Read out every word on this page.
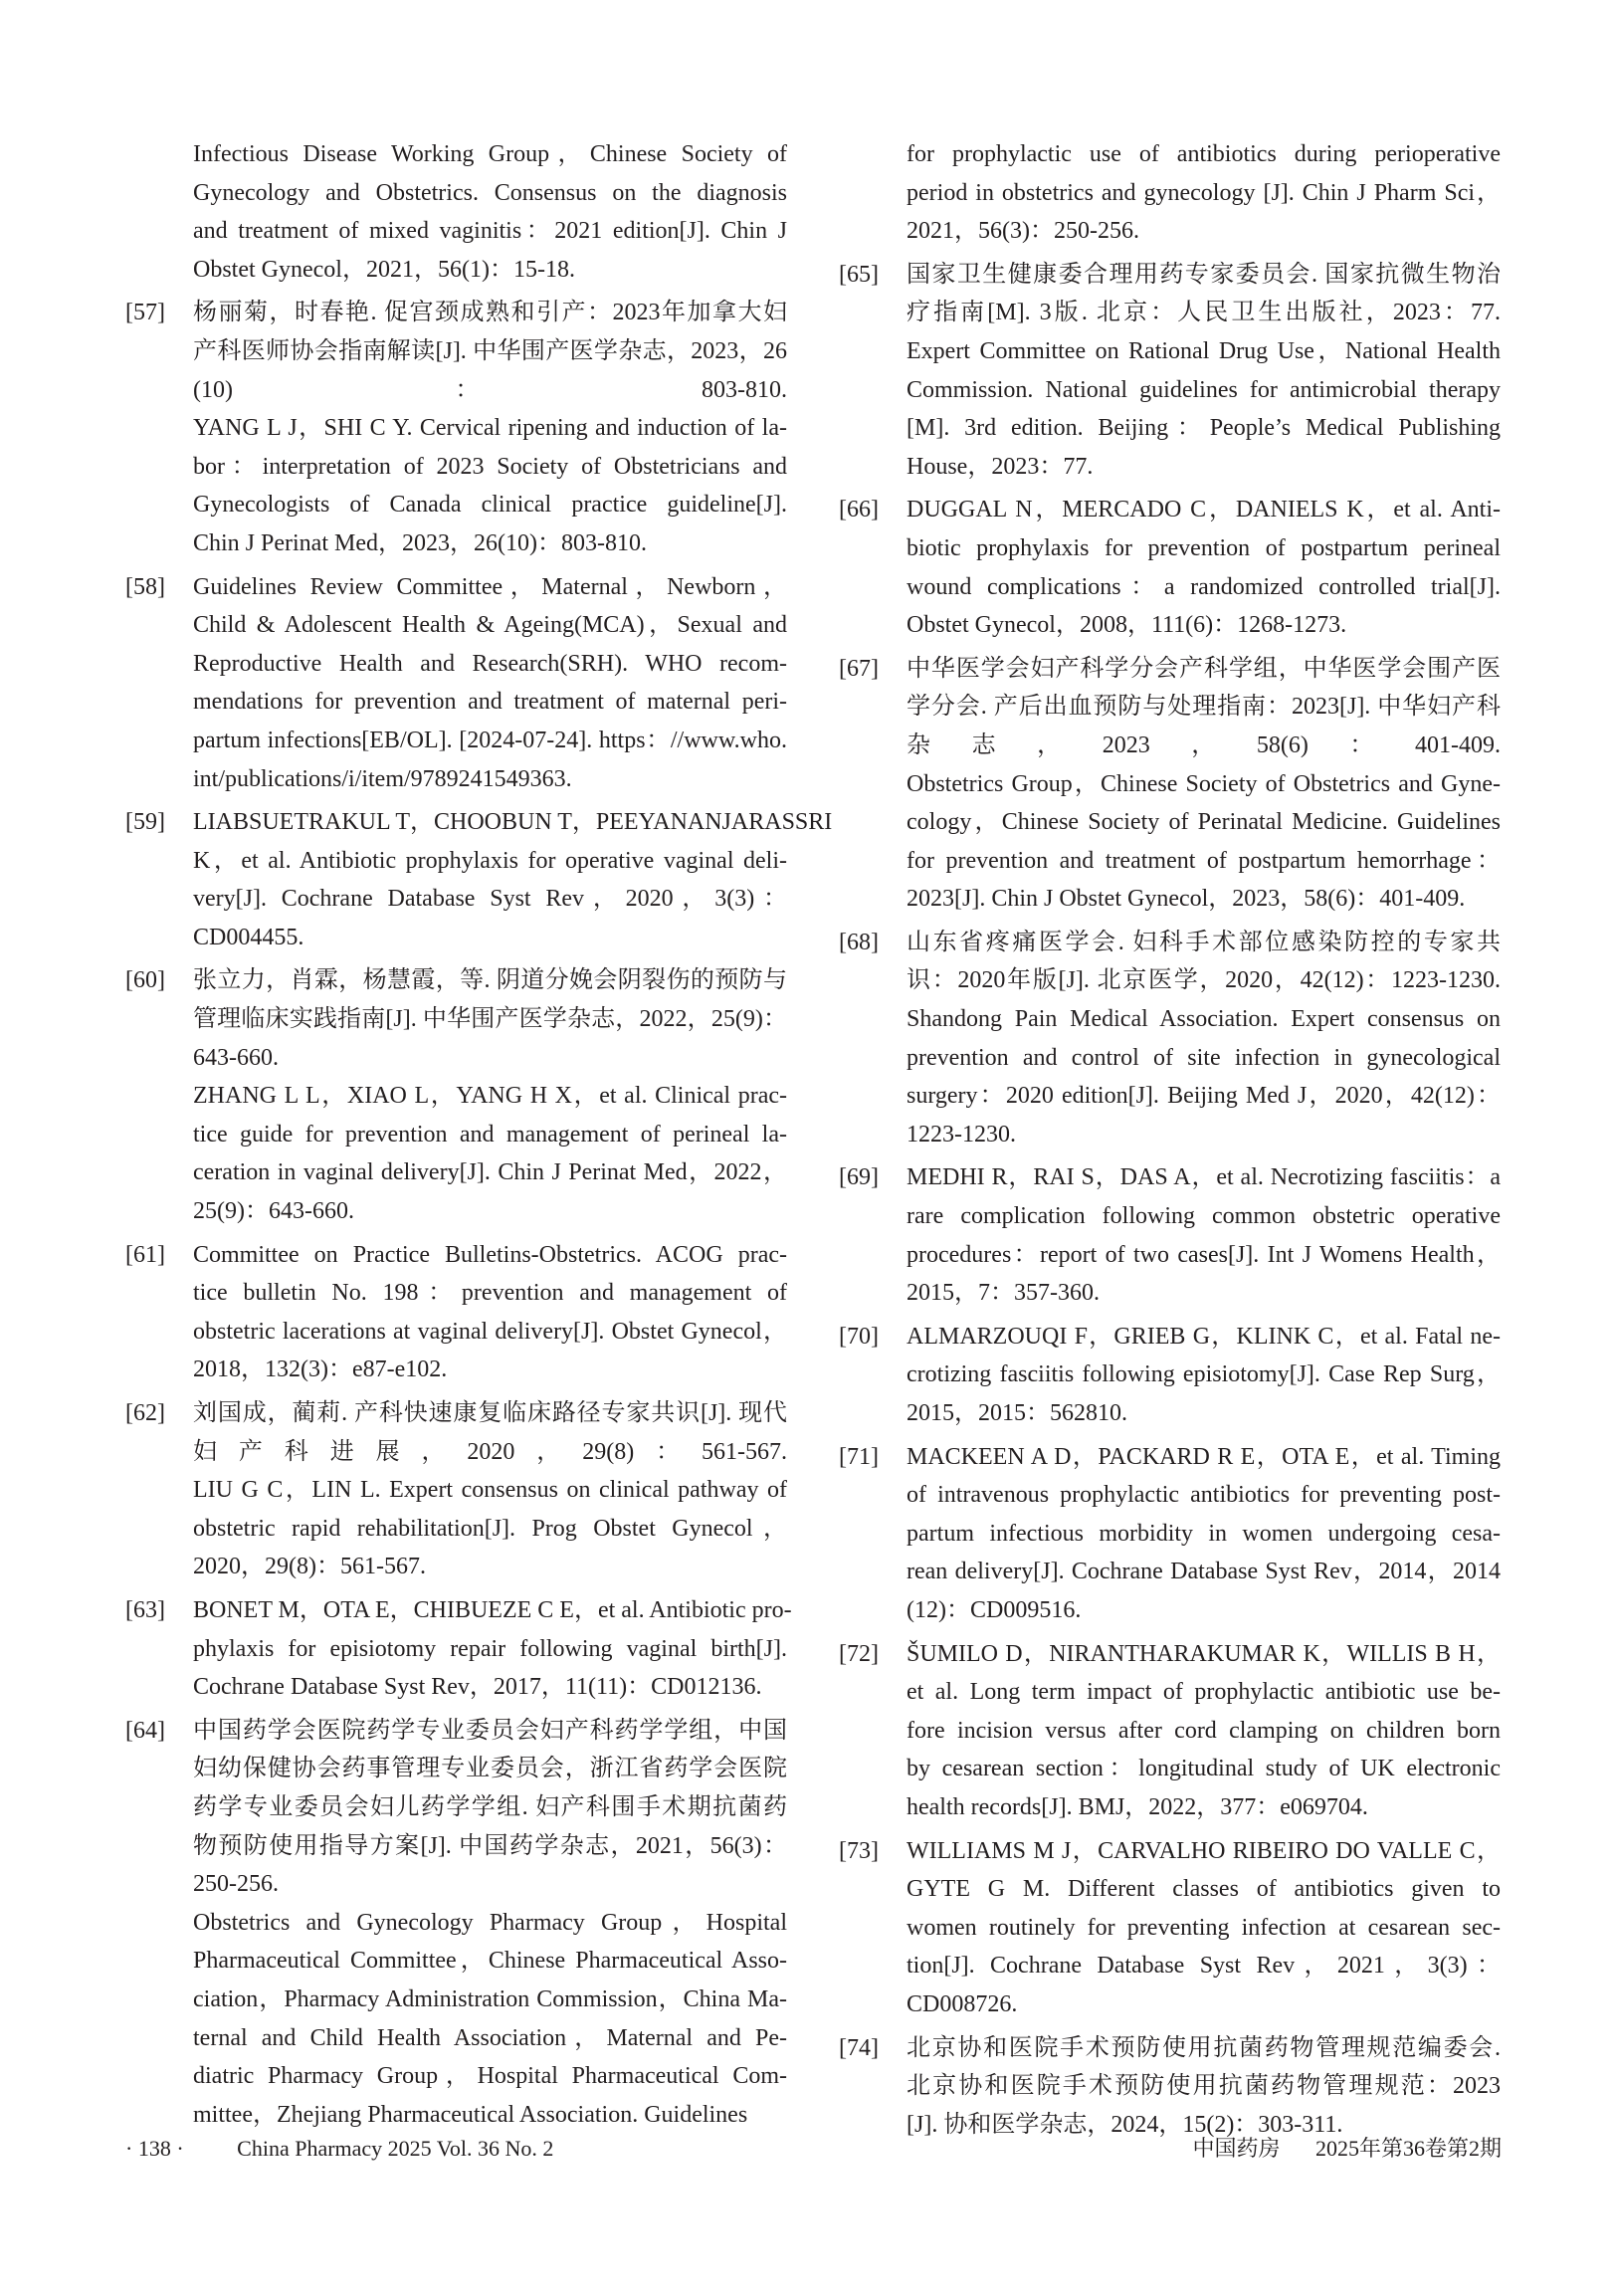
Infectious Disease Working Group，Chinese Society of
Gynecology and Obstetrics. Consensus on the diagnosis
and treatment of mixed vaginitis：2021 edition[J]. Chin J
Obstet Gynecol，2021，56(1)：15-18.
[57] 杨丽菊，时春艳. 促宫颈成熟和引产：2023年加拿大妇
产科医师协会指南解读[J]. 中华围产医学杂志，2023，26
(10)：803-810.
YANG L J，SHI C Y. Cervical ripening and induction of la-
bor：interpretation of 2023 Society of Obstetricians and
Gynecologists of Canada clinical practice guideline[J].
Chin J Perinat Med，2023，26(10)：803-810.
[58] Guidelines Review Committee，Maternal，Newborn，
Child & Adolescent Health & Ageing(MCA)，Sexual and
Reproductive Health and Research(SRH). WHO recom-
mendations for prevention and treatment of maternal peri-
partum infections[EB/OL]. [2024-07-24]. https：//www.who.
int/publications/i/item/9789241549363.
[59] LIABSUETRAKUL T，CHOOBUN T，PEEYANANJARASSRI
K，et al. Antibiotic prophylaxis for operative vaginal deli-
very[J]. Cochrane Database Syst Rev，2020，3(3)：
CD004455.
[60] 张立力，肖霖，杨慧霞，等. 阴道分娩会阴裂伤的预防与
管理临床实践指南[J]. 中华围产医学杂志，2022，25(9)：
643-660.
ZHANG L L，XIAO L，YANG H X，et al. Clinical prac-
tice guide for prevention and management of perineal la-
ceration in vaginal delivery[J]. Chin J Perinat Med，2022，
25(9)：643-660.
[61] Committee on Practice Bulletins-Obstetrics. ACOG prac-
tice bulletin No. 198：prevention and management of
obstetric lacerations at vaginal delivery[J]. Obstet Gynecol，
2018，132(3)：e87-e102.
[62] 刘国成，蔺莉. 产科快速康复临床路径专家共识[J]. 现代
妇产科进展，2020，29(8)：561-567.
LIU G C，LIN L. Expert consensus on clinical pathway of
obstetric rapid rehabilitation[J]. Prog Obstet Gynecol，
2020，29(8)：561-567.
[63] BONET M，OTA E，CHIBUEZE C E，et al. Antibiotic pro-
phylaxis for episiotomy repair following vaginal birth[J].
Cochrane Database Syst Rev，2017，11(11)：CD012136.
[64] 中国药学会医院药学专业委员会妇产科药学学组，中国
妇幼保健协会药事管理专业委员会，浙江省药学会医院
药学专业委员会妇儿药学学组. 妇产科围手术期抗菌药
物预防使用指导方案[J]. 中国药学杂志，2021，56(3)：
250-256.
Obstetrics and Gynecology Pharmacy Group，Hospital
Pharmaceutical Committee，Chinese Pharmaceutical Asso-
ciation，Pharmacy Administration Commission，China Ma-
ternal and Child Health Association，Maternal and Pe-
diatric Pharmacy Group，Hospital Pharmaceutical Com-
mittee，Zhejiang Pharmaceutical Association. Guidelines
for prophylactic use of antibiotics during perioperative
period in obstetrics and gynecology [J]. Chin J Pharm Sci，
2021，56(3)：250-256.
[65] 国家卫生健康委合理用药专家委员会. 国家抗微生物治
疗指南[M]. 3版. 北京：人民卫生出版社，2023：77.
Expert Committee on Rational Drug Use，National Health
Commission. National guidelines for antimicrobial therapy
[M]. 3rd edition. Beijing：People’s Medical Publishing
House，2023：77.
[66] DUGGAL N，MERCADO C，DANIELS K，et al. Anti-
biotic prophylaxis for prevention of postpartum perineal
wound complications：a randomized controlled trial[J].
Obstet Gynecol，2008，111(6)：1268-1273.
[67] 中华医学会妇产科学分会产科学组，中华医学会围产医
学分会. 产后出血预防与处理指南：2023[J]. 中华妇产科
杂志，2023，58(6)：401-409.
Obstetrics Group，Chinese Society of Obstetrics and Gyne-
cology，Chinese Society of Perinatal Medicine. Guidelines
for prevention and treatment of postpartum hemorrhage：
2023[J]. Chin J Obstet Gynecol，2023，58(6)：401-409.
[68] 山东省疼痛医学会. 妇科手术部位感染防控的专家共
识：2020年版[J]. 北京医学，2020，42(12)：1223-1230.
Shandong Pain Medical Association. Expert consensus on
prevention and control of site infection in gynecological
surgery：2020 edition[J]. Beijing Med J，2020，42(12)：
1223-1230.
[69] MEDHI R，RAI S，DAS A，et al. Necrotizing fasciitis：a
rare complication following common obstetric operative
procedures：report of two cases[J]. Int J Womens Health，
2015，7：357-360.
[70] ALMARZOUQI F，GRIEB G，KLINK C，et al. Fatal ne-
crotizing fasciitis following episiotomy[J]. Case Rep Surg，
2015，2015：562810.
[71] MACKEEN A D，PACKARD R E，OTA E，et al. Timing
of intravenous prophylactic antibiotics for preventing post-
partum infectious morbidity in women undergoing cesa-
rean delivery[J]. Cochrane Database Syst Rev，2014，2014
(12)：CD009516.
[72] ŠUMILO D，NIRANTHARAKUMAR K，WILLIS B H，
et al. Long term impact of prophylactic antibiotic use be-
fore incision versus after cord clamping on children born
by cesarean section：longitudinal study of UK electronic
health records[J]. BMJ，2022，377：e069704.
[73] WILLIAMS M J，CARVALHO RIBEIRO DO VALLE C，
GYTE G M. Different classes of antibiotics given to
women routinely for preventing infection at cesarean sec-
tion[J]. Cochrane Database Syst Rev，2021，3(3)：
CD008726.
[74] 北京协和医院手术预防使用抗菌药物管理规范编委会.
北京协和医院手术预防使用抗菌药物管理规范：2023
[J]. 协和医学杂志，2024，15(2)：303-311.
· 138 · China Pharmacy 2025 Vol. 36 No. 2	中国药房 2025年第36卷第2期
